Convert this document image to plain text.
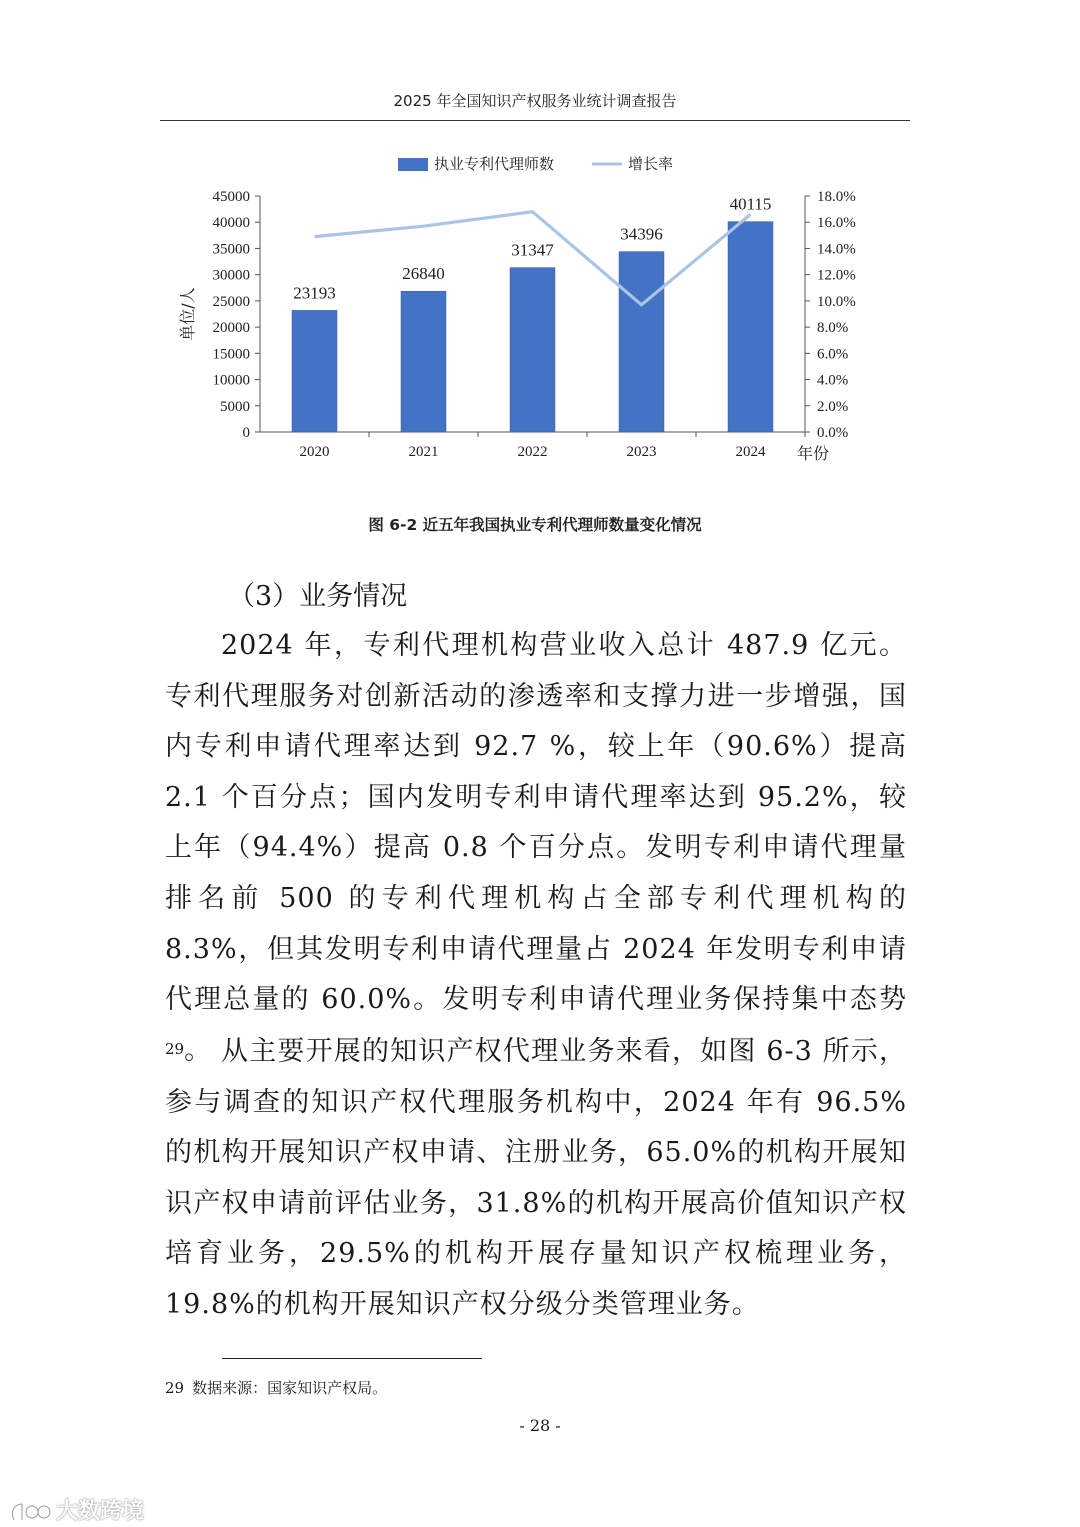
2025 年全国知识产权服务业统计调查报告
执业专利代理师数	增长率
45000
40000
35000
30000
25000
20000
15000
10000
5000
0
18.0%
16.0%
14.0%
12.0%
10.0%
8.0%
6.0%
4.0%
2.0%
0.0%
单位/人	23193
2020
26840
2021
31347
2022
34396
2023
40115
2024 年份
图 6-2 近五年我国执业专利代理师数量变化情况
（3）业务情况

2024 年，专利代理机构营业收入总计 487.9 亿元。专利代理服务对创新活动的渗透率和支撑力进一步增强，国内专利申请代理率达到 92.7 %，较上年（90.6%）提高 2.1 个百分点；国内发明专利申请代理率达到 95.2%，较上年（94.4%）提高 0.8 个百分点。发明专利申请代理量排名前 500 的专利代理机构占全部专利代理机构的 8.3%，但其发明专利申请代理量占 2024 年发明专利申请代理总量的 60.0%。发明专利申请代理业务保持集中态势$^{29}$。 从主要开展的知识产权代理业务来看，如图 6-3 所示，参与调查的知识产权代理服务机构中，2024 年有 96.5%的机构开展知识产权申请、注册业务，65.0%的机构开展知识产权申请前评估业务，31.8%的机构开展高价值知识产权培育业务，29.5%的机构开展存量知识产权梳理业务，19.8%的机构开展知识产权分级分类管理业务。

29 数据来源：国家知识产权局。
- 28 -
大数跨境
